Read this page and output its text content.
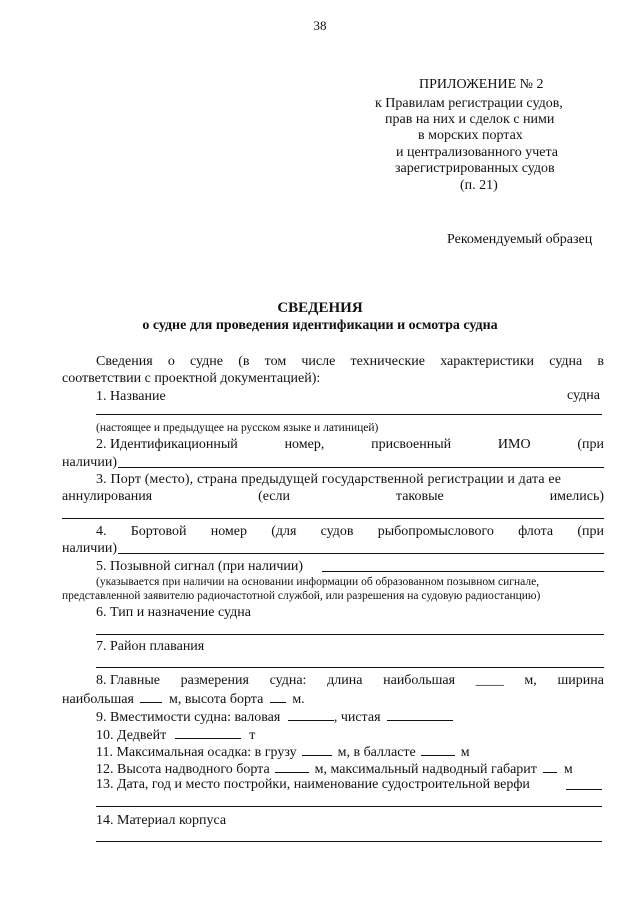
38
ПРИЛОЖЕНИЕ № 2
к Правилам регистрации судов,
прав на них и сделок с ними
в морских портах
и централизованного учета
зарегистрированных судов
(п. 21)
Рекомендуемый образец
СВЕДЕНИЯ
о судне для проведения идентификации и осмотра судна
Сведения о судне (в том числе технические характеристики судна в
соответствии с проектной документацией):
1. Название	судна
(настоящее и предыдущее на русском языке и латиницей)
2. Идентификационный	номер,	присвоенный	ИМО	(при
наличии)
3. Порт (место), страна предыдущей государственной регистрации и дата ее
аннулирования	(если	таковые	имелись)
4. Бортовой номер (для судов рыбопромыслового флота (при
наличии)
5. Позывной сигнал (при наличии)
(указывается при наличии на основании информации об образованном позывном сигнале,
представленной заявителю радиочастотной службой, или разрешения на судовую радиостанцию)
6. Тип и назначение судна
7. Район плавания
8. Главные размерения судна: длина наибольшая ____ м, ширина
наибольшая	м, высота борта м.
9. Вместимости судна: валовая	, чистая
10. Дедвейт	т
11. Максимальная осадка: в грузу	м, в балласте	м
12. Высота надводного борта	м, максимальный надводный габарит м
13. Дата, год и место постройки, наименование судостроительной верфи
14. Материал корпуса
